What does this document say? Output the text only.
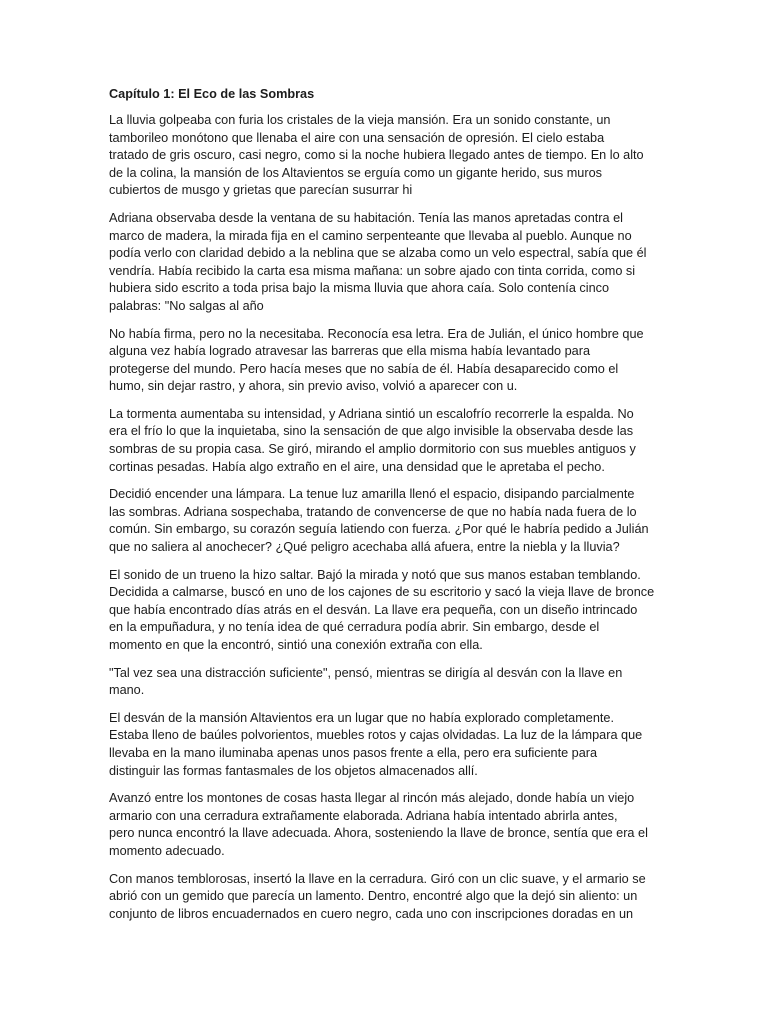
Capítulo 1: El Eco de las Sombras

La lluvia golpeaba con furia los cristales de la vieja mansión. Era un sonido constante, un
tamborileo monótono que llenaba el aire con una sensación de opresión. El cielo estaba
tratado de gris oscuro, casi negro, como si la noche hubiera llegado antes de tiempo. En lo alto
de la colina, la mansión de los Altavientos se erguía como un gigante herido, sus muros
cubiertos de musgo y grietas que parecían susurrar hi

Adriana observaba desde la ventana de su habitación. Tenía las manos apretadas contra el
marco de madera, la mirada fija en el camino serpenteante que llevaba al pueblo. Aunque no
podía verlo con claridad debido a la neblina que se alzaba como un velo espectral, sabía que él
vendría. Había recibido la carta esa misma mañana: un sobre ajado con tinta corrida, como si
hubiera sido escrito a toda prisa bajo la misma lluvia que ahora caía. Solo contenía cinco
palabras: "No salgas al año

No había firma, pero no la necesitaba. Reconocía esa letra. Era de Julián, el único hombre que
alguna vez había logrado atravesar las barreras que ella misma había levantado para
protegerse del mundo. Pero hacía meses que no sabía de él. Había desaparecido como el
humo, sin dejar rastro, y ahora, sin previo aviso, volvió a aparecer con u.

La tormenta aumentaba su intensidad, y Adriana sintió un escalofrío recorrerle la espalda. No
era el frío lo que la inquietaba, sino la sensación de que algo invisible la observaba desde las
sombras de su propia casa. Se giró, mirando el amplio dormitorio con sus muebles antiguos y
cortinas pesadas. Había algo extraño en el aire, una densidad que le apretaba el pecho.

Decidió encender una lámpara. La tenue luz amarilla llenó el espacio, disipando parcialmente
las sombras. Adriana sospechaba, tratando de convencerse de que no había nada fuera de lo
común. Sin embargo, su corazón seguía latiendo con fuerza. ¿Por qué le habría pedido a Julián
que no saliera al anochecer? ¿Qué peligro acechaba allá afuera, entre la niebla y la lluvia?

El sonido de un trueno la hizo saltar. Bajó la mirada y notó que sus manos estaban temblando.
Decidida a calmarse, buscó en uno de los cajones de su escritorio y sacó la vieja llave de bronce
que había encontrado días atrás en el desván. La llave era pequeña, con un diseño intrincado
en la empuñadura, y no tenía idea de qué cerradura podía abrir. Sin embargo, desde el
momento en que la encontró, sintió una conexión extraña con ella.

"Tal vez sea una distracción suficiente", pensó, mientras se dirigía al desván con la llave en
mano.

El desván de la mansión Altavientos era un lugar que no había explorado completamente.
Estaba lleno de baúles polvorientos, muebles rotos y cajas olvidadas. La luz de la lámpara que
llevaba en la mano iluminaba apenas unos pasos frente a ella, pero era suficiente para
distinguir las formas fantasmales de los objetos almacenados allí.

Avanzó entre los montones de cosas hasta llegar al rincón más alejado, donde había un viejo
armario con una cerradura extrañamente elaborada. Adriana había intentado abrirla antes,
pero nunca encontró la llave adecuada. Ahora, sosteniendo la llave de bronce, sentía que era el
momento adecuado.

Con manos temblorosas, insertó la llave en la cerradura. Giró con un clic suave, y el armario se
abrió con un gemido que parecía un lamento. Dentro, encontré algo que la dejó sin aliento: un
conjunto de libros encuadernados en cuero negro, cada uno con inscripciones doradas en un
